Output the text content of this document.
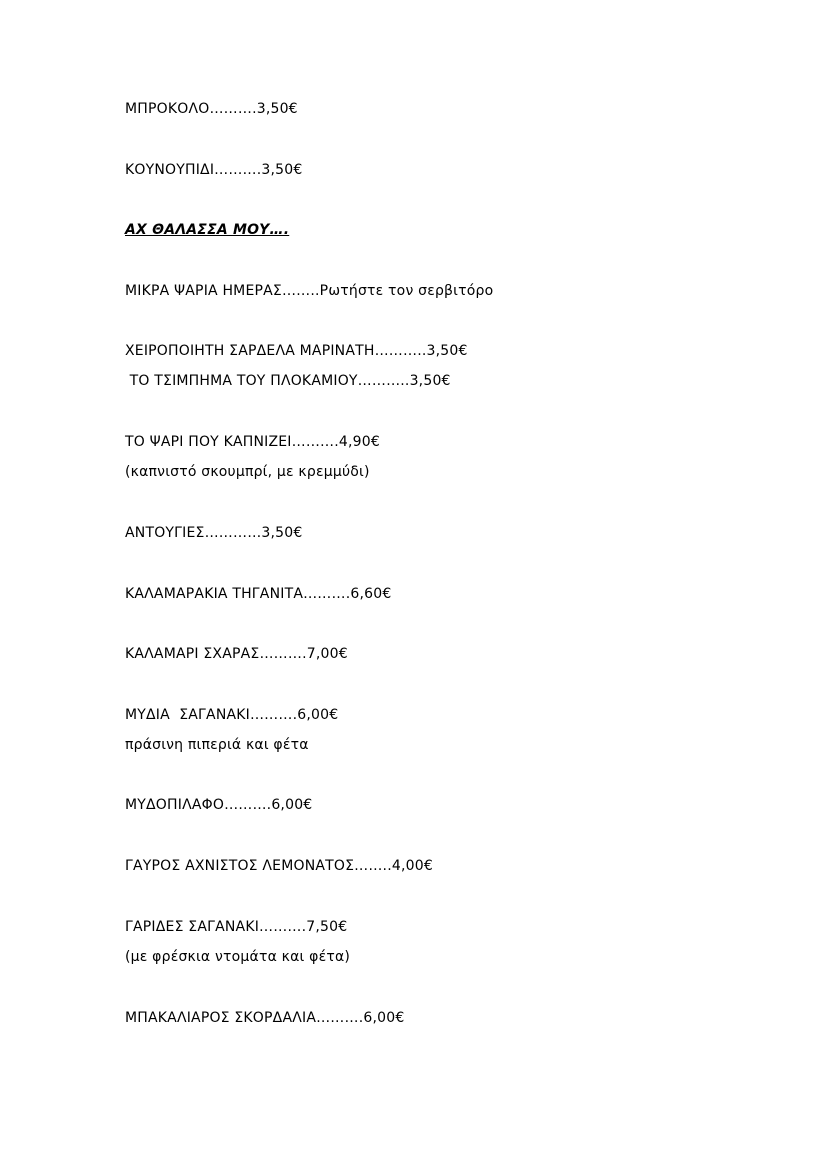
ΜΠΡΟΚΟΛΟ……….3,50€
ΚΟΥΝΟΥΠΙΔΙ……….3,50€
ΑΧ ΘΑΛΑΣΣΑ ΜΟΥ….
ΜΙΚΡΑ ΨΑΡΙΑ ΗΜΕΡΑΣ……..Ρωτήστε τον σερβιτόρο
ΧΕΙΡΟΠΟΙΗΤΗ ΣΑΡΔΕΛΑ ΜΑΡΙΝΑΤΗ………..3,50€
ΤΟ ΤΣΙΜΠΗΜΑ ΤΟΥ ΠΛΟΚΑΜΙΟΥ………..3,50€
ΤΟ ΨΑΡΙ ΠΟΥ ΚΑΠΝΙΖΕΙ……….4,90€
(καπνιστό σκουμπρί, με κρεμμύδι)
ΑΝΤΟΥΓΙΕΣ…………3,50€
ΚΑΛΑΜΑΡΑΚΙΑ ΤΗΓΑΝΙΤΑ……….6,60€
ΚΑΛΑΜΑΡΙ ΣΧΑΡΑΣ……….7,00€
ΜΥΔΙΑ  ΣΑΓΑΝΑΚΙ……….6,00€
πράσινη πιπεριά και φέτα
ΜΥΔΟΠΙΛΑΦΟ……….6,00€
ΓΑΥΡΟΣ ΑΧΝΙΣΤΟΣ ΛΕΜΟΝΑΤΟΣ……..4,00€
ΓΑΡΙΔΕΣ ΣΑΓΑΝΑΚΙ……….7,50€
(με φρέσκια ντομάτα και φέτα)
ΜΠΑΚΑΛΙΑΡΟΣ ΣΚΟΡΔΑΛΙΑ……….6,00€
